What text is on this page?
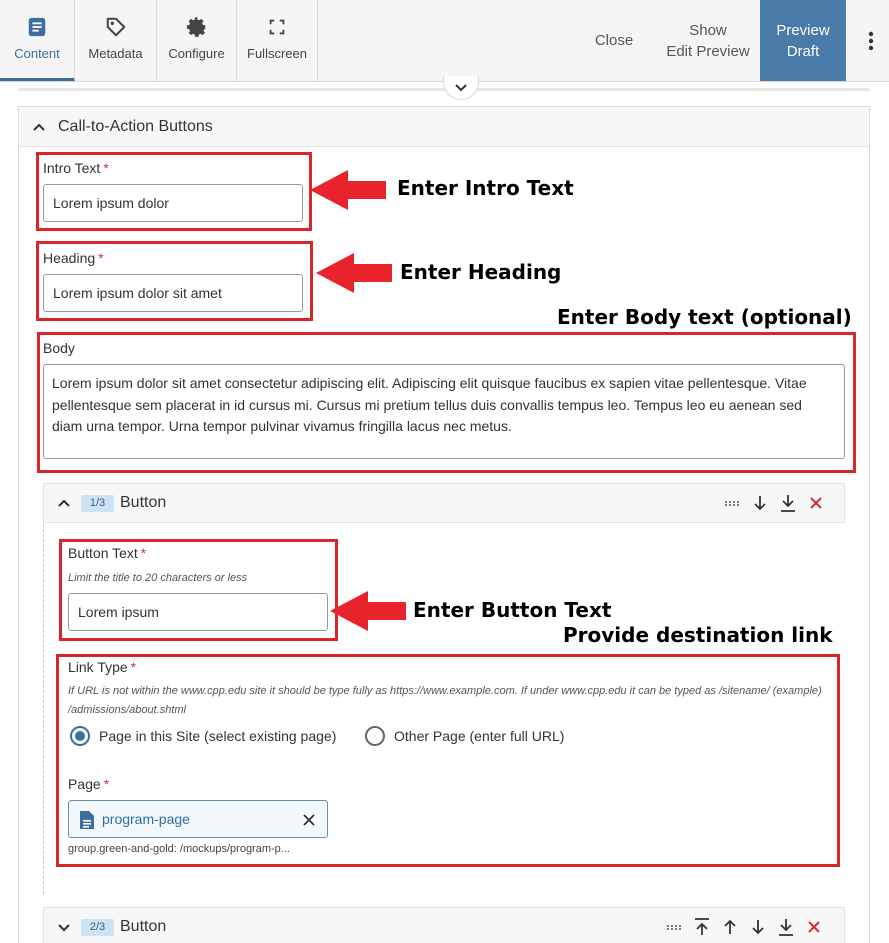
Content Metadata Configure Fullscreen
Close
Show
Edit Preview
Preview
Draft
Call-to-Action Buttons
Intro Text *
Lorem ipsum dolor
Heading *
Lorem ipsum dolor sit amet
Body
Lorem ipsum dolor sit amet consectetur adipiscing elit. Adipiscing elit quisque faucibus ex sapien vitae pellentesque. Vitae pellentesque sem placerat in id cursus mi. Cursus mi pretium tellus duis convallis tempus leo. Tempus leo eu aenean sed diam urna tempor. Urna tempor pulvinar vivamus fringilla lacus nec metus.
1/3 Button
Button Text *
Limit the title to 20 characters or less
Lorem ipsum
Link Type *
If URL is not within the www.cpp.edu site it should be type fully as https://www.example.com. If under www.cpp.edu it can be typed as /sitename/ (example) /admissions/about.shtml
Page in this Site (select existing page)	Other Page (enter full URL)
Page *
program-page
group.green-and-gold: /mockups/program-p...
2/3 Button
Enter Intro Text
Enter Heading
Enter Body text (optional)
Enter Button Text
Provide destination link
